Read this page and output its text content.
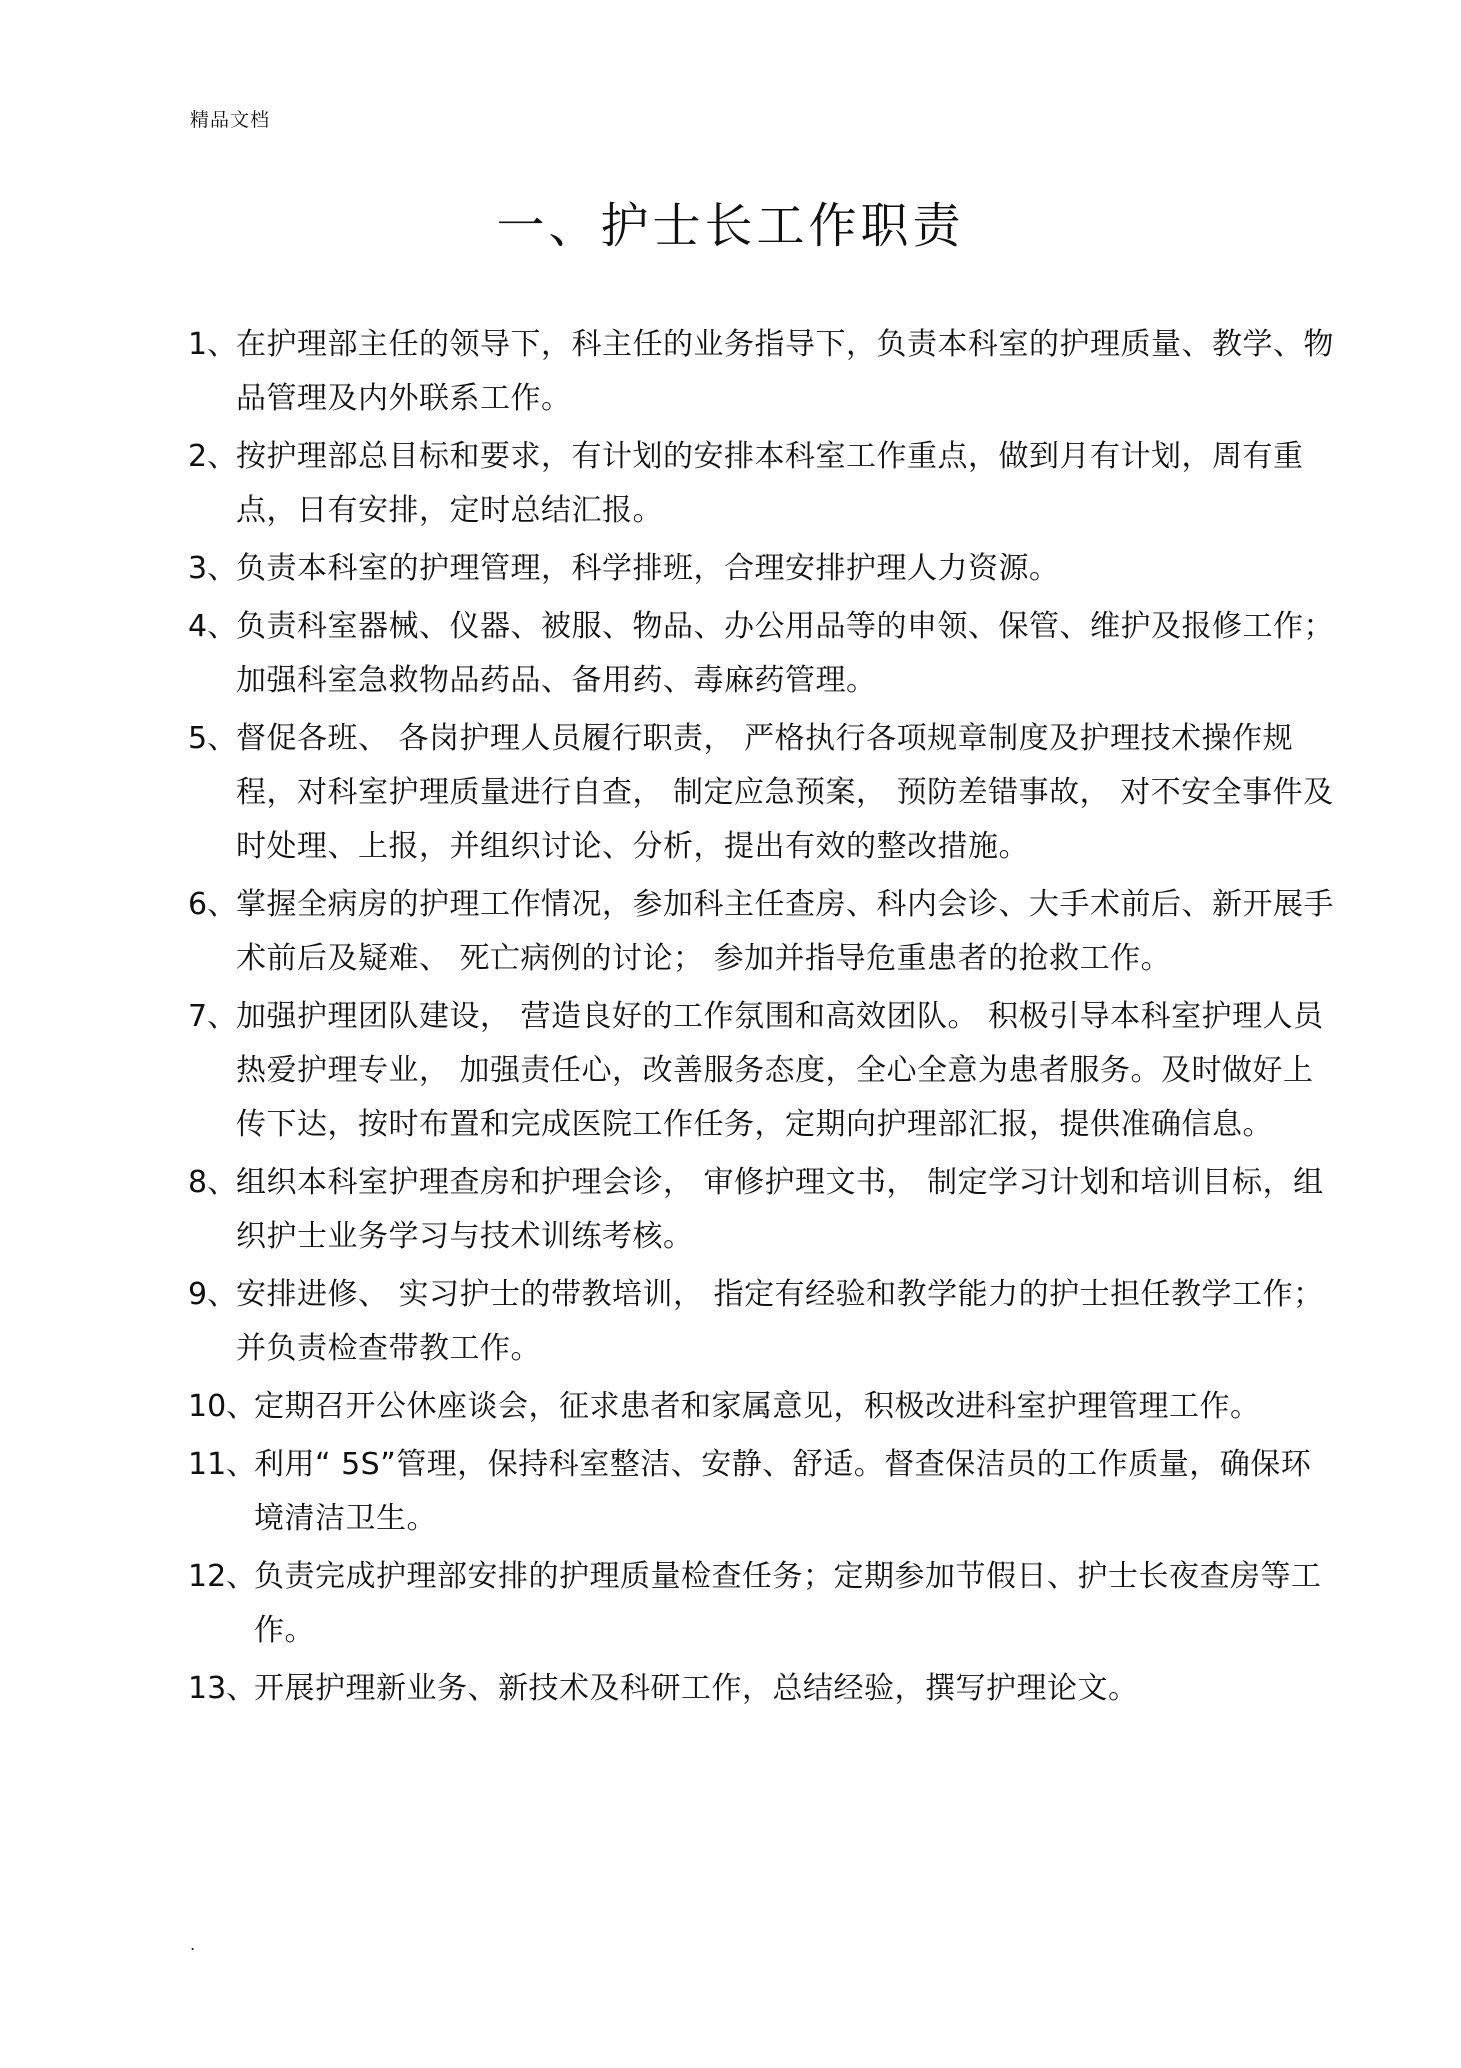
精品文档
一、护士长工作职责
1、
在护理部主任的领导下，科主任的业务指导下，负责本科室的护理质量、教学、物品管理及内外联系工作。
2、
按护理部总目标和要求，有计划的安排本科室工作重点，做到月有计划，周有重点，日有安排，定时总结汇报。
3、
负责本科室的护理管理，科学排班，合理安排护理人力资源。
4、
负责科室器械、仪器、被服、物品、办公用品等的申领、保管、维护及报修工作；加强科室急救物品药品、备用药、毒麻药管理。
5、
督促各班、 各岗护理人员履行职责， 严格执行各项规章制度及护理技术操作规程，对科室护理质量进行自查， 制定应急预案， 预防差错事故， 对不安全事件及时处理、上报，并组织讨论、分析，提出有效的整改措施。
6、
掌握全病房的护理工作情况，参加科主任查房、科内会诊、大手术前后、新开展手术前后及疑难、 死亡病例的讨论； 参加并指导危重患者的抢救工作。
7、
加强护理团队建设， 营造良好的工作氛围和高效团队。 积极引导本科室护理人员热爱护理专业， 加强责任心，改善服务态度，全心全意为患者服务。及时做好上传下达，按时布置和完成医院工作任务，定期向护理部汇报，提供准确信息。
8、
组织本科室护理查房和护理会诊， 审修护理文书， 制定学习计划和培训目标，组织护士业务学习与技术训练考核。
9、
安排进修、 实习护士的带教培训， 指定有经验和教学能力的护士担任教学工作；并负责检查带教工作。
10、
定期召开公休座谈会，征求患者和家属意见，积极改进科室护理管理工作。
11、
利用“ 5S”管理，保持科室整洁、安静、舒适。督查保洁员的工作质量，确保环境清洁卫生。
12、
负责完成护理部安排的护理质量检查任务；定期参加节假日、护士长夜查房等工作。
13、
开展护理新业务、新技术及科研工作，总结经验，撰写护理论文。
.
